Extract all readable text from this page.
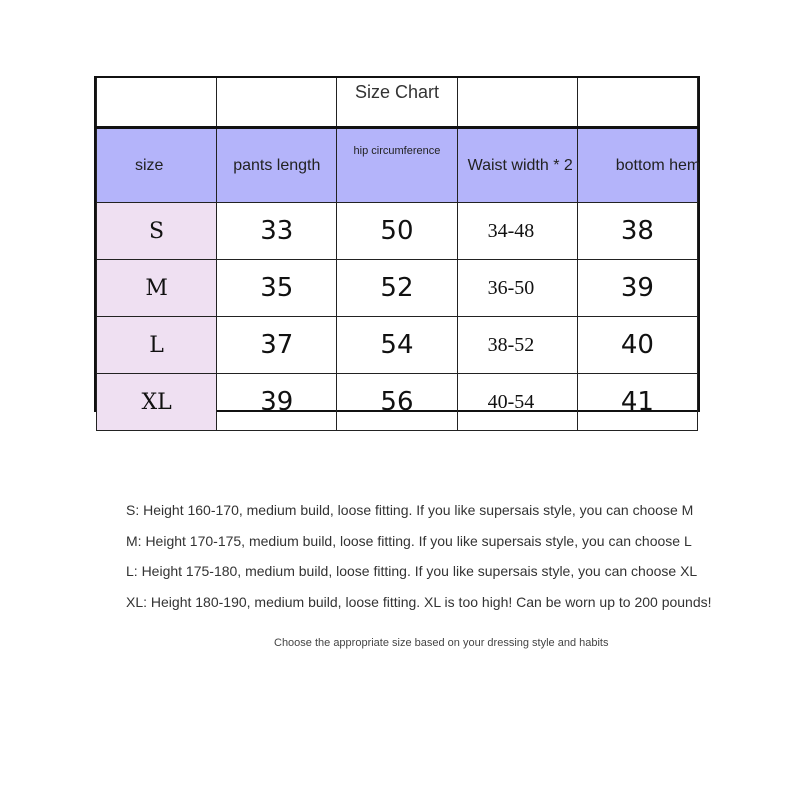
		Size Chart		
size	pants length	hip circumference	Waist width * 2	bottom hem
S	33	50	34-48	38
M	35	52	36-50	39
L	37	54	38-52	40
XL	39	56	40-54	41
S: Height 160-170, medium build, loose fitting. If you like supersais style, you can choose M
M: Height 170-175, medium build, loose fitting. If you like supersais style, you can choose L
L: Height 175-180, medium build, loose fitting. If you like supersais style, you can choose XL
XL: Height 180-190, medium build, loose fitting. XL is too high! Can be worn up to 200 pounds!
Choose the appropriate size based on your dressing style and habits
